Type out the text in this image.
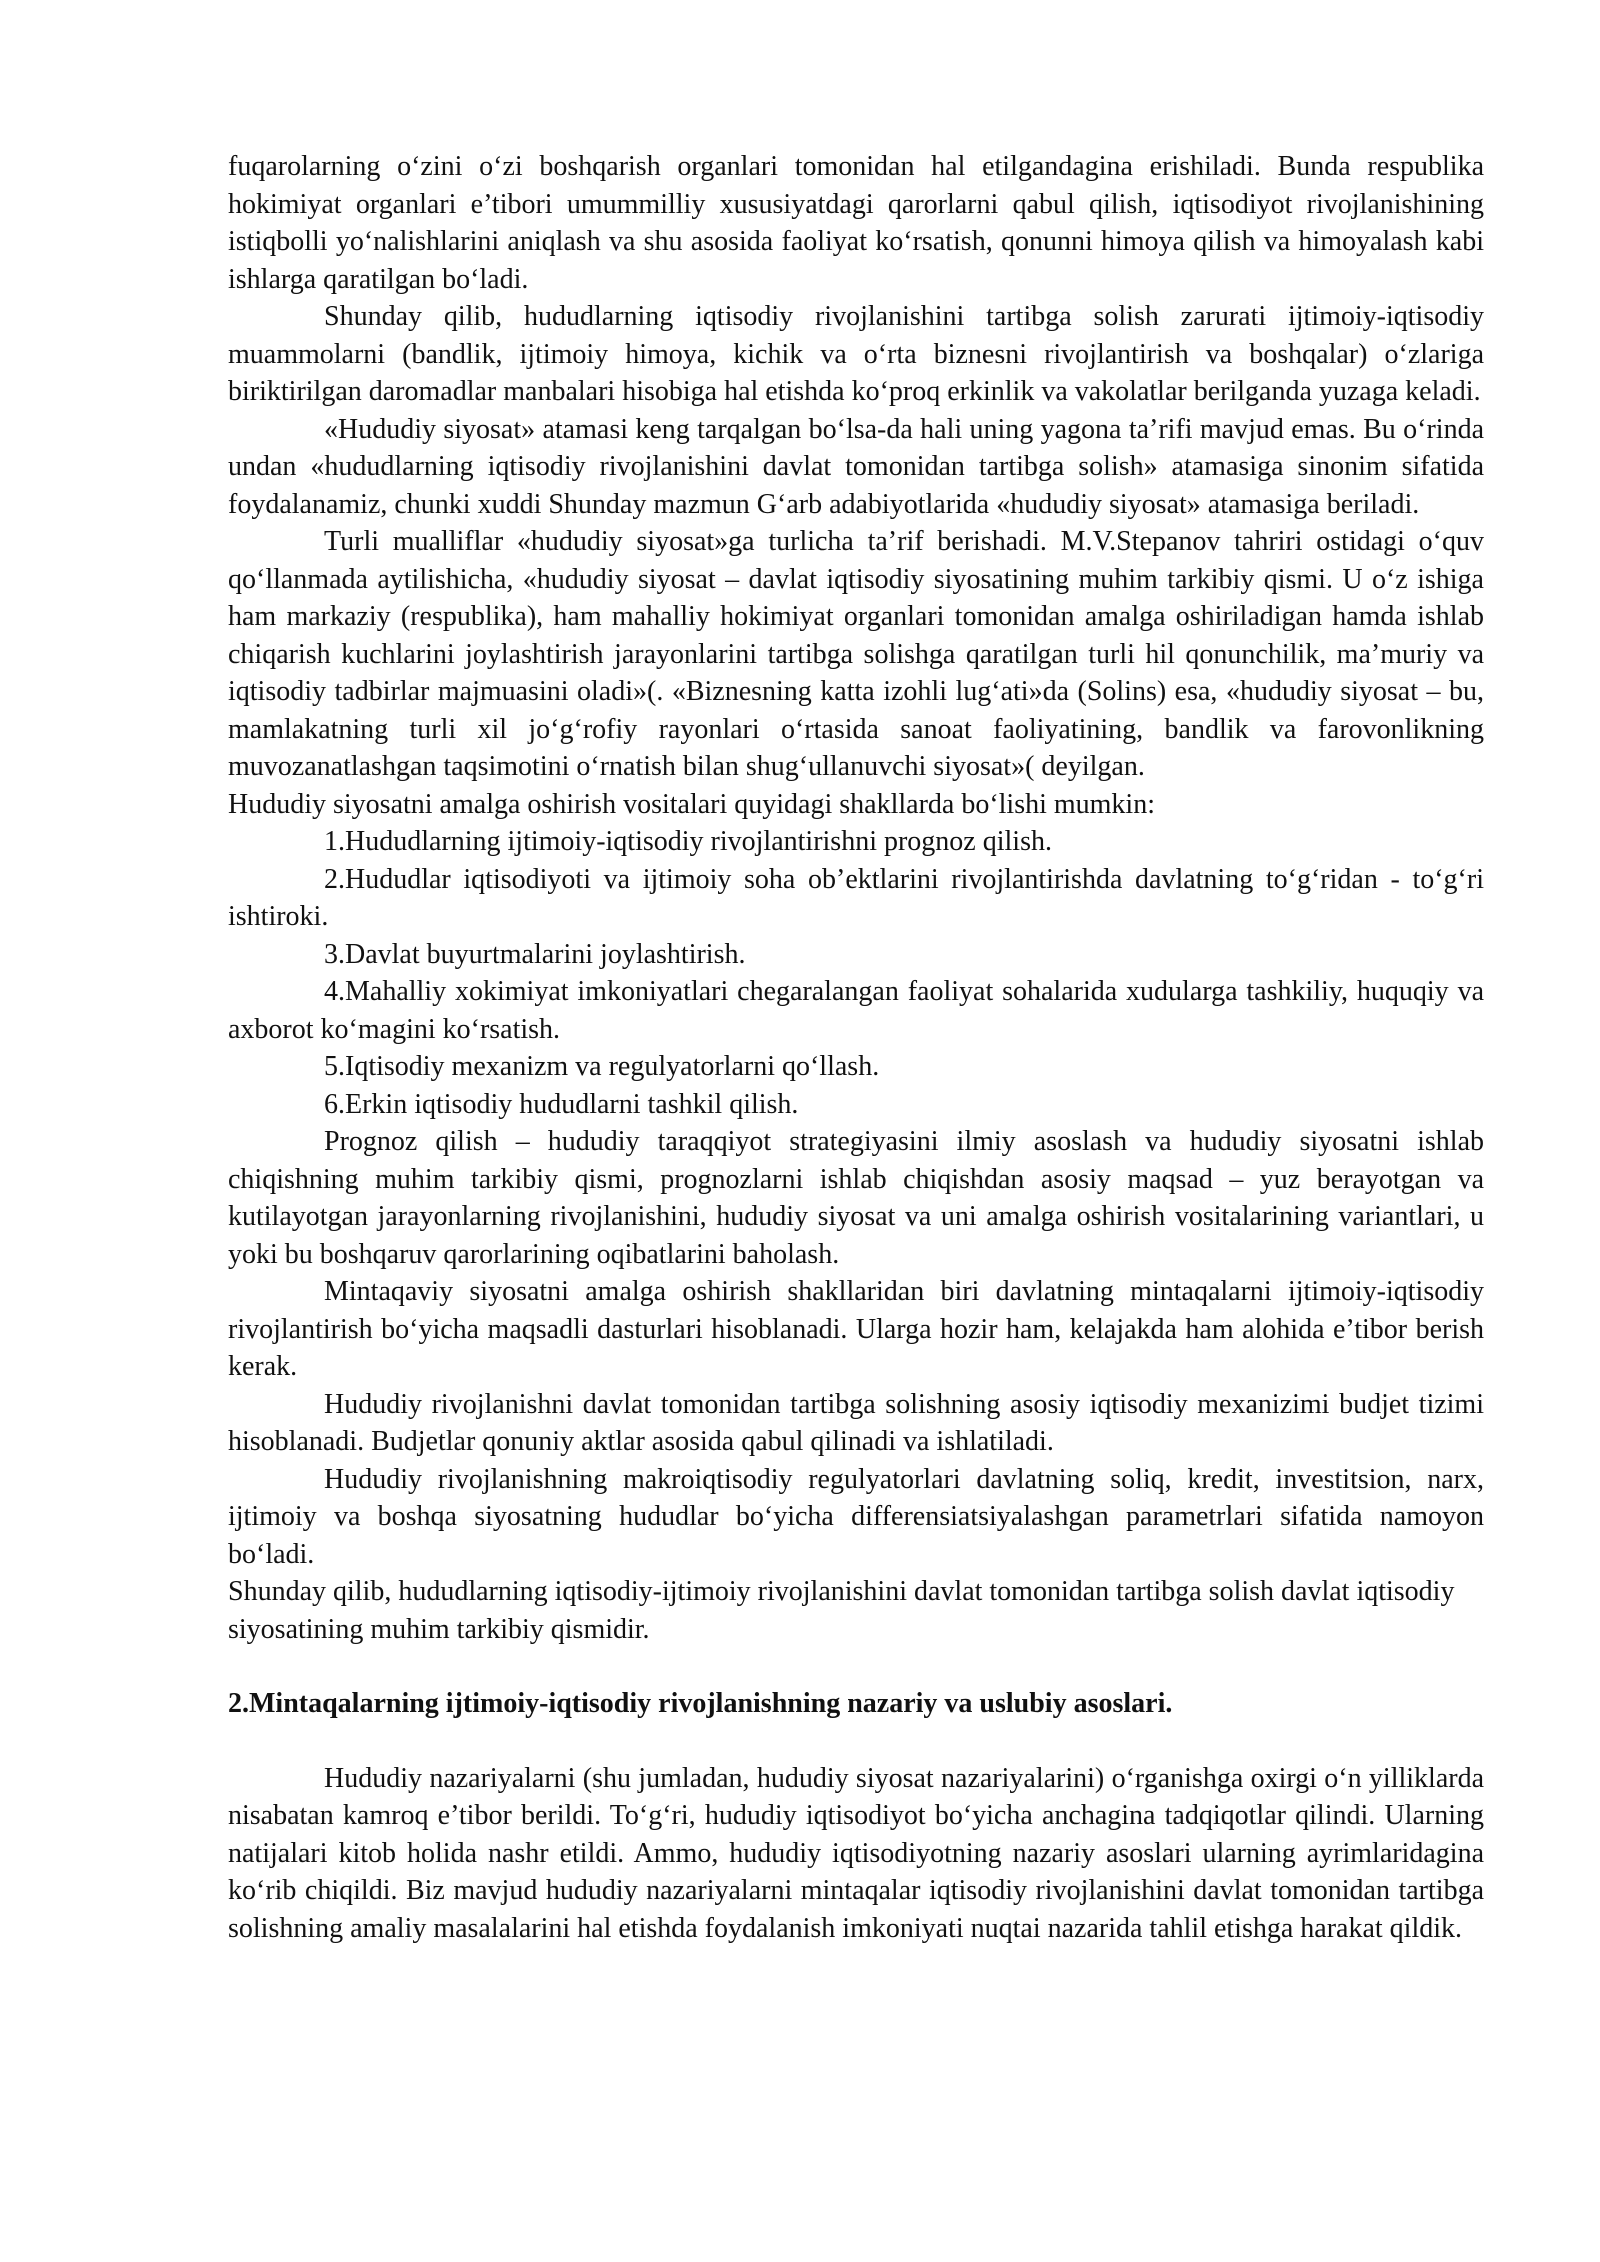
fuqarolarning o‘zini o‘zi boshqarish organlari tomonidan hal etilgandagina erishiladi. Bunda respublika hokimiyat organlari e’tibori umummilliy xususiyatdagi qarorlarni qabul qilish, iqtisodiyot rivojlanishining istiqbolli yo‘nalishlarini aniqlash va shu asosida faoliyat ko‘rsatish, qonunni himoya qilish va himoyalash kabi ishlarga qaratilgan bo‘ladi.

Shunday qilib, hududlarning iqtisodiy rivojlanishini tartibga solish zarurati ijtimoiy-iqtisodiy muammolarni (bandlik, ijtimoiy himoya, kichik va o‘rta biznesni rivojlantirish va boshqalar) o‘zlariga biriktirilgan daromadlar manbalari hisobiga hal etishda ko‘proq erkinlik va vakolatlar berilganda yuzaga keladi.

«Hududiy siyosat» atamasi keng tarqalgan bo‘lsa-da hali uning yagona ta’rifi mavjud emas. Bu o‘rinda undan «hududlarning iqtisodiy rivojlanishini davlat tomonidan tartibga solish» atamasiga sinonim sifatida foydalanamiz, chunki xuddi Shunday mazmun G‘arb adabiyotlarida «hududiy siyosat» atamasiga beriladi.

Turli mualliflar «hududiy siyosat»ga turlicha ta’rif berishadi. M.V.Stepanov tahriri ostidagi o‘quv qo‘llanmada aytilishicha, «hududiy siyosat – davlat iqtisodiy siyosatining muhim tarkibiy qismi. U o‘z ishiga ham markaziy (respublika), ham mahalliy hokimiyat organlari tomonidan amalga oshiriladigan hamda ishlab chiqarish kuchlarini joylashtirish jarayonlarini tartibga solishga qaratilgan turli hil qonunchilik, ma’muriy va iqtisodiy tadbirlar majmuasini oladi»(. «Biznesning katta izohli lug‘ati»da (Solins) esa, «hududiy siyosat – bu, mamlakatning turli xil jo‘g‘rofiy rayonlari o‘rtasida sanoat faoliyatining, bandlik va farovonlikning muvozanatlashgan taqsimotini o‘rnatish bilan shug‘ullanuvchi siyosat»( deyilgan.

Hududiy siyosatni amalga oshirish vositalari quyidagi shakllarda bo‘lishi mumkin:

1.Hududlarning ijtimoiy-iqtisodiy rivojlantirishni prognoz qilish.

2.Hududlar iqtisodiyoti va ijtimoiy soha ob’ektlarini rivojlantirishda davlatning to‘g‘ridan - to‘g‘ri ishtiroki.

3.Davlat buyurtmalarini joylashtirish.

4.Mahalliy xokimiyat imkoniyatlari chegaralangan faoliyat sohalarida xudularga tashkiliy, huquqiy va axborot ko‘magini ko‘rsatish.

5.Iqtisodiy mexanizm va regulyatorlarni qo‘llash.

6.Erkin iqtisodiy hududlarni tashkil qilish.

Prognoz qilish – hududiy taraqqiyot strategiyasini ilmiy asoslash va hududiy siyosatni ishlab chiqishning muhim tarkibiy qismi, prognozlarni ishlab chiqishdan asosiy maqsad – yuz berayotgan va kutilayotgan jarayonlarning rivojlanishini, hududiy siyosat va uni amalga oshirish vositalarining variantlari, u yoki bu boshqaruv qarorlarining oqibatlarini baholash.

Mintaqaviy siyosatni amalga oshirish shakllaridan biri davlatning mintaqalarni ijtimoiy-iqtisodiy rivojlantirish bo‘yicha maqsadli dasturlari hisoblanadi. Ularga hozir ham, kelajakda ham alohida e’tibor berish kerak.

Hududiy rivojlanishni davlat tomonidan tartibga solishning asosiy iqtisodiy mexanizimi budjet tizimi hisoblanadi. Budjetlar qonuniy aktlar asosida qabul qilinadi va ishlatiladi.

Hududiy rivojlanishning makroiqtisodiy regulyatorlari davlatning soliq, kredit, investitsion, narx, ijtimoiy va boshqa siyosatning hududlar bo‘yicha differensiatsiyalashgan parametrlari sifatida namoyon bo‘ladi.

Shunday qilib, hududlarning iqtisodiy-ijtimoiy rivojlanishini davlat tomonidan tartibga solish davlat iqtisodiy siyosatining muhim tarkibiy qismidir.

2.Mintaqalarning ijtimoiy-iqtisodiy rivojlanishning nazariy va uslubiy asoslari.

Hududiy nazariyalarni (shu jumladan, hududiy siyosat nazariyalarini) o‘rganishga oxirgi o‘n yilliklarda nisabatan kamroq e’tibor berildi. To‘g‘ri, hududiy iqtisodiyot bo‘yicha anchagina tadqiqotlar qilindi. Ularning natijalari kitob holida nashr etildi. Ammo, hududiy iqtisodiyotning nazariy asoslari ularning ayrimlaridagina ko‘rib chiqildi. Biz mavjud hududiy nazariyalarni mintaqalar iqtisodiy rivojlanishini davlat tomonidan tartibga solishning amaliy masalalarini hal etishda foydalanish imkoniyati nuqtai nazarida tahlil etishga harakat qildik.
